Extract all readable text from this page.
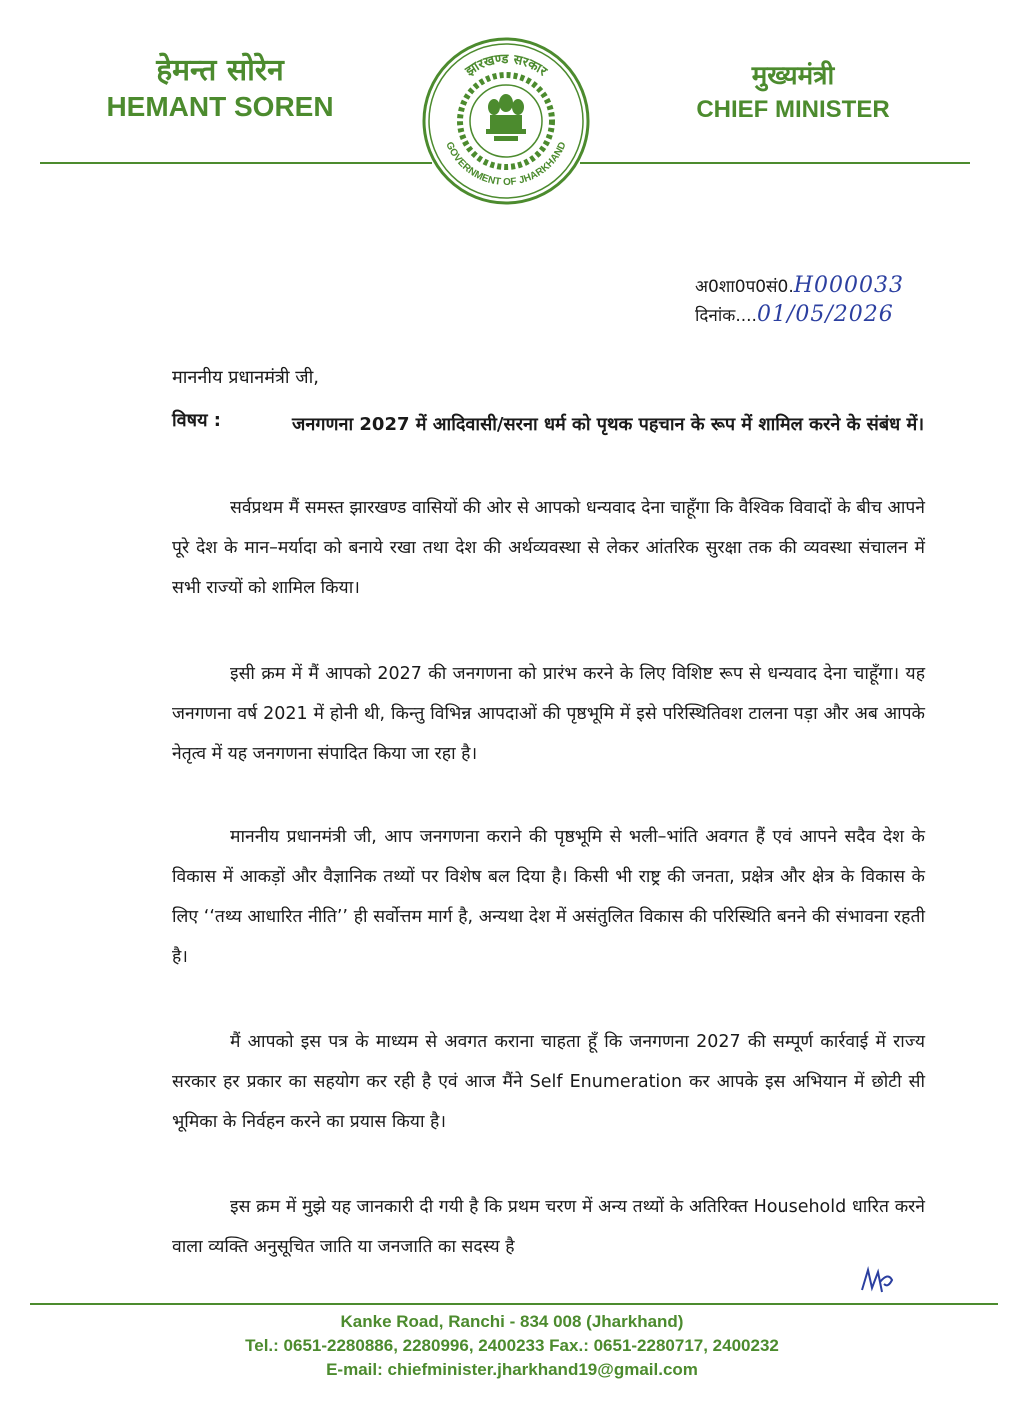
हेमन्त सोरेन
HEMANT SOREN
झारखण्ड सरकार
GOVERNMENT OF JHARKHAND
मुख्यमंत्री
CHIEF MINISTER
अ0शा0प0सं0.H000033
दिनांक....01/05/2026
माननीय प्रधानमंत्री जी,
विषय :	जनगणना 2027 में आदिवासी/सरना धर्म को पृथक पहचान के रूप में शामिल करने के संबंध में।

सर्वप्रथम मैं समस्त झारखण्ड वासियों की ओर से आपको धन्यवाद देना चाहूँगा कि वैश्विक विवादों के बीच आपने पूरे देश के मान–मर्यादा को बनाये रखा तथा देश की अर्थव्यवस्था से लेकर आंतरिक सुरक्षा तक की व्यवस्था संचालन में सभी राज्यों को शामिल किया।

इसी क्रम में मैं आपको 2027 की जनगणना को प्रारंभ करने के लिए विशिष्ट रूप से धन्यवाद देना चाहूँगा। यह जनगणना वर्ष 2021 में होनी थी, किन्तु विभिन्न आपदाओं की पृष्ठभूमि में इसे परिस्थितिवश टालना पड़ा और अब आपके नेतृत्व में यह जनगणना संपादित किया जा रहा है।

माननीय प्रधानमंत्री जी, आप जनगणना कराने की पृष्ठभूमि से भली–भांति अवगत हैं एवं आपने सदैव देश के विकास में आकड़ों और वैज्ञानिक तथ्यों पर विशेष बल दिया है। किसी भी राष्ट्र की जनता, प्रक्षेत्र और क्षेत्र के विकास के लिए ‘‘तथ्य आधारित नीति’’ ही सर्वोत्तम मार्ग है, अन्यथा देश में असंतुलित विकास की परिस्थिति बनने की संभावना रहती है।

मैं आपको इस पत्र के माध्यम से अवगत कराना चाहता हूँ कि जनगणना 2027 की सम्पूर्ण कार्रवाई में राज्य सरकार हर प्रकार का सहयोग कर रही है एवं आज मैंने Self Enumeration कर आपके इस अभियान में छोटी सी भूमिका के निर्वहन करने का प्रयास किया है।

इस क्रम में मुझे यह जानकारी दी गयी है कि प्रथम चरण में अन्य तथ्यों के अतिरिक्त Household धारित करने वाला व्यक्ति अनुसूचित जाति या जनजाति का सदस्य है

Kanke Road, Ranchi - 834 008 (Jharkhand)
Tel.: 0651-2280886, 2280996, 2400233 Fax.: 0651-2280717, 2400232
E-mail: chiefminister.jharkhand19@gmail.com
